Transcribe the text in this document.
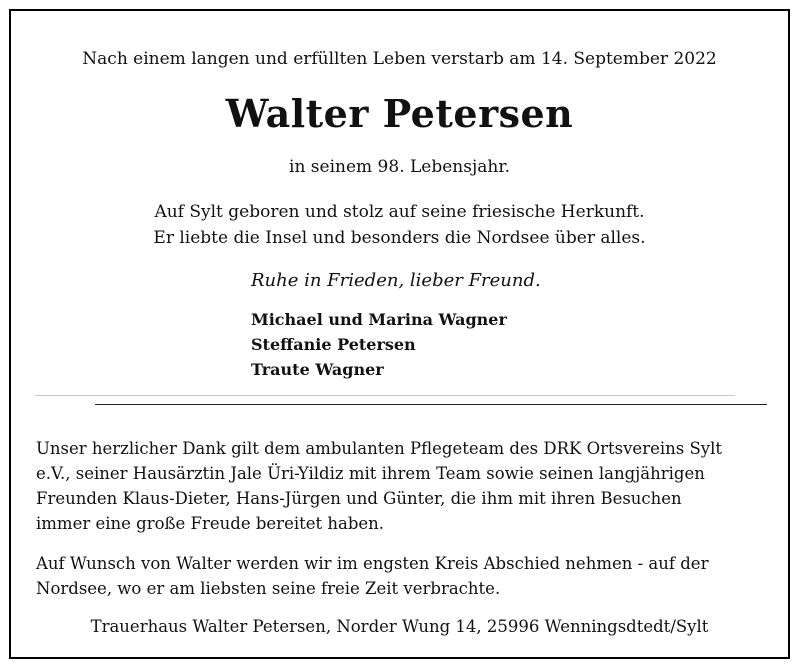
Nach einem langen und erfüllten Leben verstarb am 14. September 2022
Walter Petersen
in seinem 98. Lebensjahr.
Auf Sylt geboren und stolz auf seine friesische Herkunft.
Er liebte die Insel und besonders die Nordsee über alles.
Ruhe in Frieden, lieber Freund.
Michael und Marina Wagner
Steffanie Petersen
Traute Wagner
Unser herzlicher Dank gilt dem ambulanten Pflegeteam des DRK Ortsvereins Sylt
e.V., seiner Hausärztin Jale Üri-Yildiz mit ihrem Team sowie seinen langjährigen
Freunden Klaus-Dieter, Hans-Jürgen und Günter, die ihm mit ihren Besuchen
immer eine große Freude bereitet haben.
Auf Wunsch von Walter werden wir im engsten Kreis Abschied nehmen - auf der
Nordsee, wo er am liebsten seine freie Zeit verbrachte.
Trauerhaus Walter Petersen, Norder Wung 14, 25996 Wenningsdtedt/Sylt
